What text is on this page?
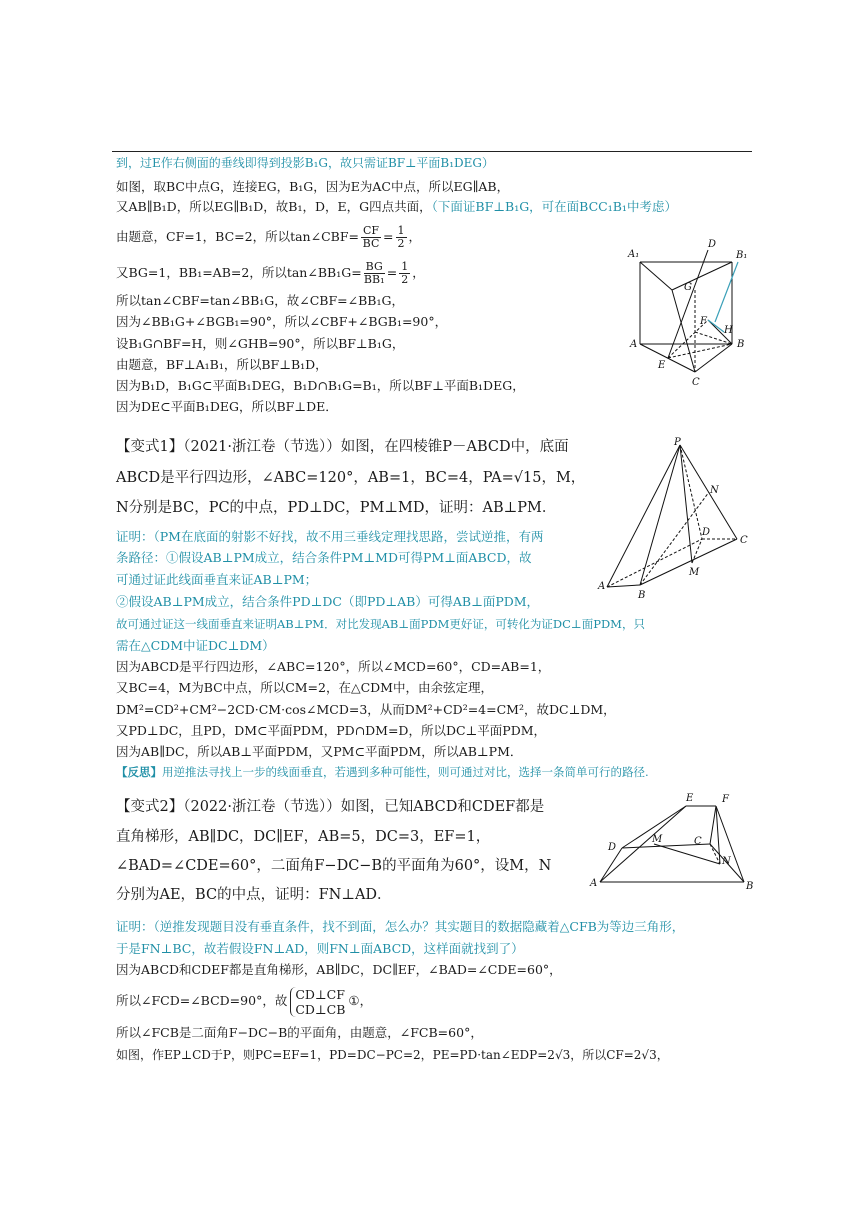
到，过E作右侧面的垂线即得到投影B₁G，故只需证BF⊥平面B₁DEG）
如图，取BC中点G，连接EG，B₁G，因为E为AC中点，所以EG∥AB，
又AB∥B₁D，所以EG∥B₁D，故B₁，D，E，G四点共面，（下面证BF⊥B₁G，可在面BCC₁B₁中考虑）
由题意，CF=1，BC=2，所以tan∠CBF= $\frac{CF}{BC} = \frac{1}{2}$ ，
又BG=1，BB₁=AB=2，所以tan∠BB₁G= $\frac{BG}{\text{BB₁}} = \frac{1}{2}$ ，
所以tan∠CBF=tan∠BB₁G，故∠CBF=∠BB₁G，
因为∠BB₁G+∠BGB₁=90°，所以∠CBF+∠BGB₁=90°，
设B₁G∩BF=H，则∠GHB=90°，所以BF⊥B₁G，
由题意，BF⊥A₁B₁，所以BF⊥B₁D，
因为B₁D，B₁G⊂平面B₁DEG，B₁D∩B₁G=B₁，所以BF⊥平面B₁DEG，
因为DE⊂平面B₁DEG，所以BF⊥DE．
A₁
D
B₁
G
F
H
A	B
E
C
【变式1】（2021·浙江卷（节选））如图，在四棱锥P－ABCD中，底面
ABCD是平行四边形，∠ABC=120°，AB=1，BC=4，PA=√15，M，
N分别是BC，PC的中点，PD⊥DC，PM⊥MD，证明：AB⊥PM．
证明：（PM在底面的射影不好找，故不用三垂线定理找思路，尝试逆推，有两
条路径：①假设AB⊥PM成立，结合条件PM⊥MD可得PM⊥面ABCD，故
可通过证此线面垂直来证AB⊥PM；
②假设AB⊥PM成立，结合条件PD⊥DC（即PD⊥AB）可得AB⊥面PDM，
故可通过证这一线面垂直来证明AB⊥PM．对比发现AB⊥面PDM更好证，可转化为证DC⊥面PDM，只
需在△CDM中证DC⊥DM）
因为ABCD是平行四边形，∠ABC=120°，所以∠MCD=60°，CD=AB=1，
又BC=4，M为BC中点，所以CM=2，在△CDM中，由余弦定理，
DM²=CD²+CM²−2CD·CM·cos∠MCD=3，从而DM²+CD²=4=CM²，故DC⊥DM，
又PD⊥DC，且PD，DM⊂平面PDM，PD∩DM=D，所以DC⊥平面PDM，
因为AB∥DC，所以AB⊥平面PDM，又PM⊂平面PDM，所以AB⊥PM．
【反思】用逆推法寻找上一步的线面垂直，若遇到多种可能性，则可通过对比，选择一条简单可行的路径.
P
N
D
C
M
A
B
【变式2】（2022·浙江卷（节选））如图，已知ABCD和CDEF都是
直角梯形，AB∥DC，DC∥EF，AB=5，DC=3，EF=1，
∠BAD=∠CDE=60°，二面角F−DC−B的平面角为60°，设M，N
分别为AE，BC的中点，证明：FN⊥AD．
证明：（逆推发现题目没有垂直条件，找不到面，怎么办？其实题目的数据隐藏着△CFB为等边三角形，
于是FN⊥BC，故若假设FN⊥AD，则FN⊥面ABCD，这样面就找到了）
因为ABCD和CDEF都是直角梯形，AB∥DC，DC∥EF，∠BAD=∠CDE=60°，
所以∠FCD=∠BCD=90°，故 CD⊥CF
CD⊥CB
①，
所以∠FCB是二面角F−DC−B的平面角，由题意，∠FCB=60°，
如图，作EP⊥CD于P，则PC=EF=1，PD=DC−PC=2，PE=PD·tan∠EDP=2√3，所以CF=2√3，
E	F
D
M	C
N
A	B
